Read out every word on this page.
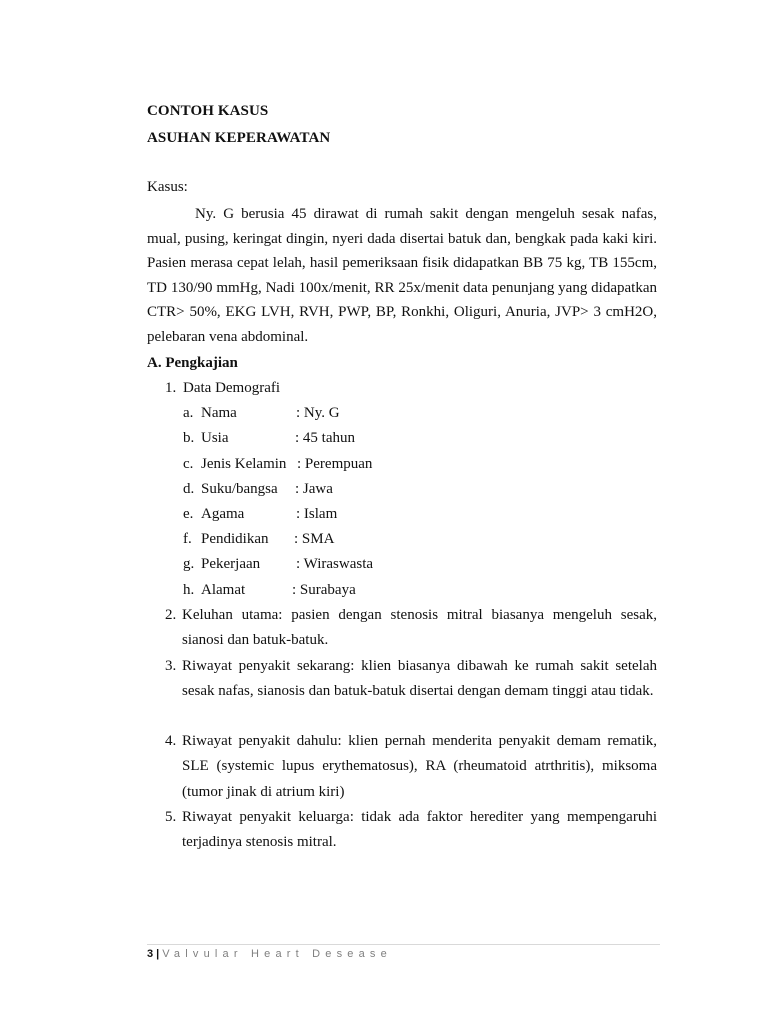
CONTOH KASUS
ASUHAN KEPERAWATAN
Kasus:
Ny. G berusia 45 dirawat di rumah sakit dengan mengeluh sesak nafas, mual, pusing, keringat dingin, nyeri dada disertai batuk dan, bengkak pada kaki kiri. Pasien merasa cepat lelah, hasil pemeriksaan fisik didapatkan BB 75 kg, TB 155cm, TD 130/90 mmHg, Nadi 100x/menit, RR 25x/menit data penunjang yang didapatkan CTR> 50%, EKG LVH, RVH, PWP, BP, Ronkhi, Oliguri, Anuria, JVP> 3 cmH2O, pelebaran vena abdominal.
A. Pengkajian
1. Data Demografi
a. Nama	: Ny. G
b. Usia	: 45 tahun
c. Jenis Kelamin : Perempuan
d. Suku/bangsa : Jawa
e. Agama	: Islam
f. Pendidikan : SMA
g. Pekerjaan : Wiraswasta
h. Alamat	: Surabaya
2. Keluhan utama: pasien dengan stenosis mitral biasanya mengeluh sesak, sianosi dan batuk-batuk.
3. Riwayat penyakit sekarang: klien biasanya dibawah ke rumah sakit setelah sesak nafas, sianosis dan batuk-batuk disertai dengan demam tinggi atau tidak.
4. Riwayat penyakit dahulu: klien pernah menderita penyakit demam rematik, SLE (systemic lupus erythematosus), RA (rheumatoid atrthritis), miksoma (tumor jinak di atrium kiri)
5. Riwayat penyakit keluarga: tidak ada faktor herediter yang mempengaruhi terjadinya stenosis mitral.
3 | Valvular Heart Desease
